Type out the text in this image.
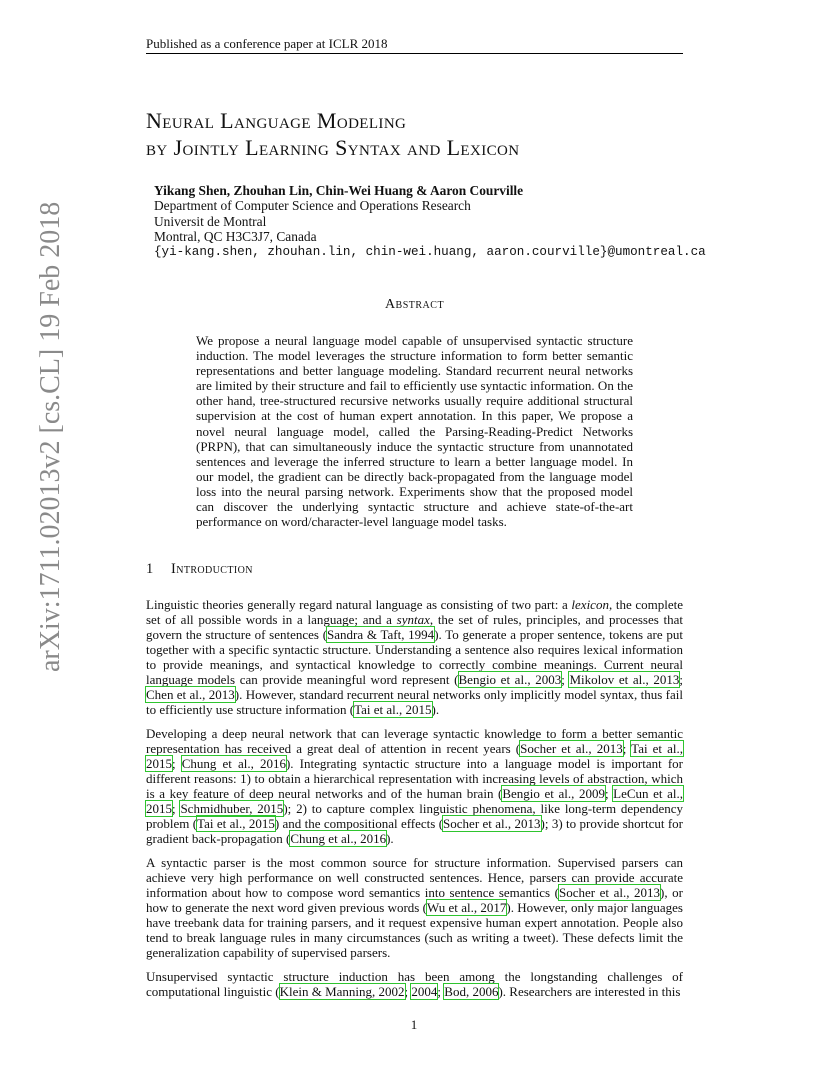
Published as a conference paper at ICLR 2018
arXiv:1711.02013v2 [cs.CL] 19 Feb 2018
Neural Language Modeling
by Jointly Learning Syntax and Lexicon
Yikang Shen, Zhouhan Lin, Chin-Wei Huang & Aaron Courville
Department of Computer Science and Operations Research
Universit de Montral
Montral, QC H3C3J7, Canada
{yi-kang.shen, zhouhan.lin, chin-wei.huang, aaron.courville}@umontreal.ca
Abstract
We propose a neural language model capable of unsupervised syntactic structure induction. The model leverages the structure information to form better semantic representations and better language modeling. Standard recurrent neural networks are limited by their structure and fail to efficiently use syntactic information. On the other hand, tree-structured recursive networks usually require additional structural supervision at the cost of human expert annotation. In this paper, We propose a novel neural language model, called the Parsing-Reading-Predict Networks (PRPN), that can simultaneously induce the syntactic structure from unannotated sentences and leverage the inferred structure to learn a better language model. In our model, the gradient can be directly back-propagated from the language model loss into the neural parsing network. Experiments show that the proposed model can discover the underlying syntactic structure and achieve state-of-the-art performance on word/character-level language model tasks.
1 Introduction

Linguistic theories generally regard natural language as consisting of two part: a lexicon, the complete set of all possible words in a language; and a syntax, the set of rules, principles, and processes that govern the structure of sentences (Sandra & Taft, 1994). To generate a proper sentence, tokens are put together with a specific syntactic structure. Understanding a sentence also requires lexical information to provide meanings, and syntactical knowledge to correctly combine meanings. Current neural language models can provide meaningful word represent (Bengio et al., 2003; Mikolov et al., 2013; Chen et al., 2013). However, standard recurrent neural networks only implicitly model syntax, thus fail to efficiently use structure information (Tai et al., 2015).

Developing a deep neural network that can leverage syntactic knowledge to form a better semantic representation has received a great deal of attention in recent years (Socher et al., 2013; Tai et al., 2015; Chung et al., 2016). Integrating syntactic structure into a language model is important for different reasons: 1) to obtain a hierarchical representation with increasing levels of abstraction, which is a key feature of deep neural networks and of the human brain (Bengio et al., 2009; LeCun et al., 2015; Schmidhuber, 2015); 2) to capture complex linguistic phenomena, like long-term dependency problem (Tai et al., 2015) and the compositional effects (Socher et al., 2013); 3) to provide shortcut for gradient back-propagation (Chung et al., 2016).

A syntactic parser is the most common source for structure information. Supervised parsers can achieve very high performance on well constructed sentences. Hence, parsers can provide accurate information about how to compose word semantics into sentence semantics (Socher et al., 2013), or how to generate the next word given previous words (Wu et al., 2017). However, only major languages have treebank data for training parsers, and it request expensive human expert annotation. People also tend to break language rules in many circumstances (such as writing a tweet). These defects limit the generalization capability of supervised parsers.

Unsupervised syntactic structure induction has been among the longstanding challenges of computational linguistic (Klein & Manning, 2002; 2004; Bod, 2006). Researchers are interested in this

1
